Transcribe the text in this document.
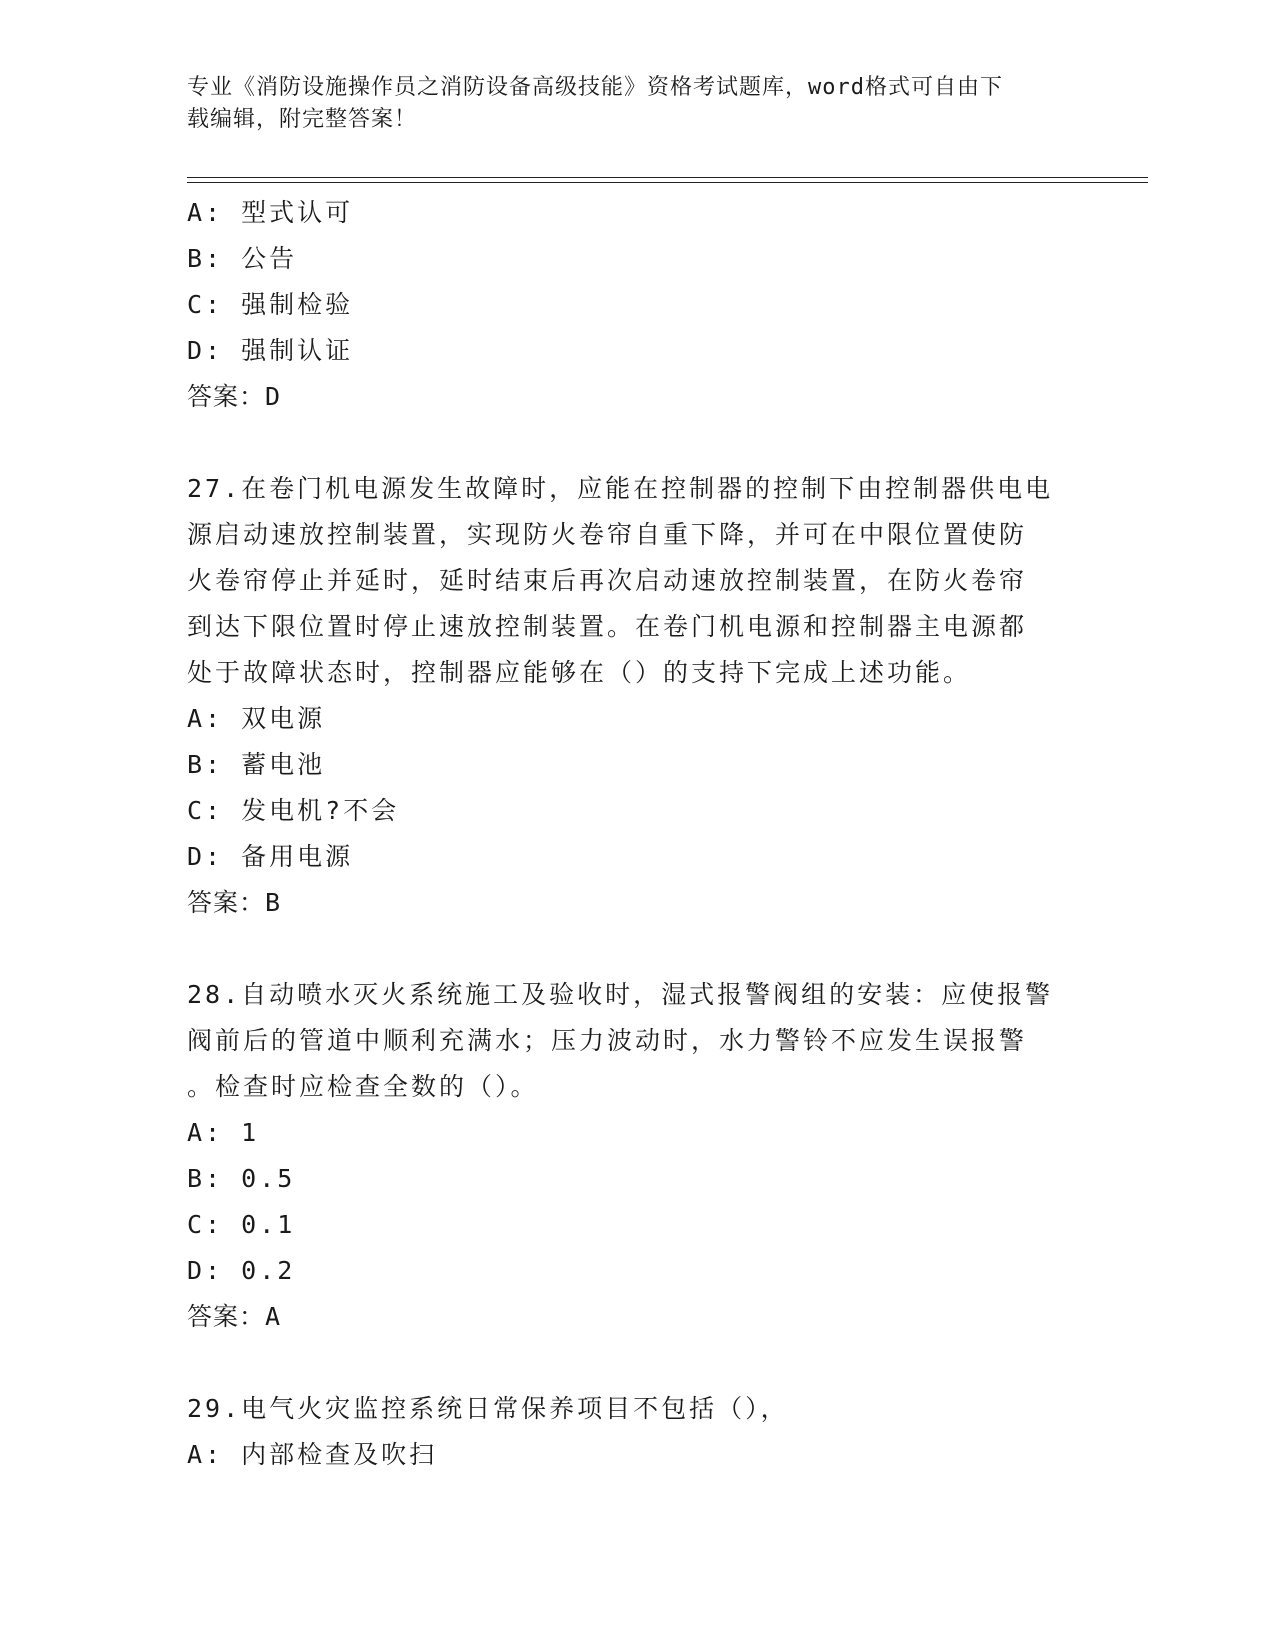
专业《消防设施操作员之消防设备高级技能》资格考试题库，word格式可自由下
载编辑，附完整答案！
A: 型式认可
B: 公告
C: 强制检验
D: 强制认证
答案：D
27.在卷门机电源发生故障时，应能在控制器的控制下由控制器供电电
源启动速放控制装置，实现防火卷帘自重下降，并可在中限位置使防
火卷帘停止并延时，延时结束后再次启动速放控制装置，在防火卷帘
到达下限位置时停止速放控制装置。在卷门机电源和控制器主电源都
处于故障状态时，控制器应能够在（）的支持下完成上述功能。
A: 双电源
B: 蓄电池
C: 发电机?不会
D: 备用电源
答案：B
28.自动喷水灭火系统施工及验收时，湿式报警阀组的安装：应使报警
阀前后的管道中顺利充满水；压力波动时，水力警铃不应发生误报警
。检查时应检查全数的（）。
A: 1
B: 0.5
C: 0.1
D: 0.2
答案：A
29.电气火灾监控系统日常保养项目不包括（），
A: 内部检查及吹扫
